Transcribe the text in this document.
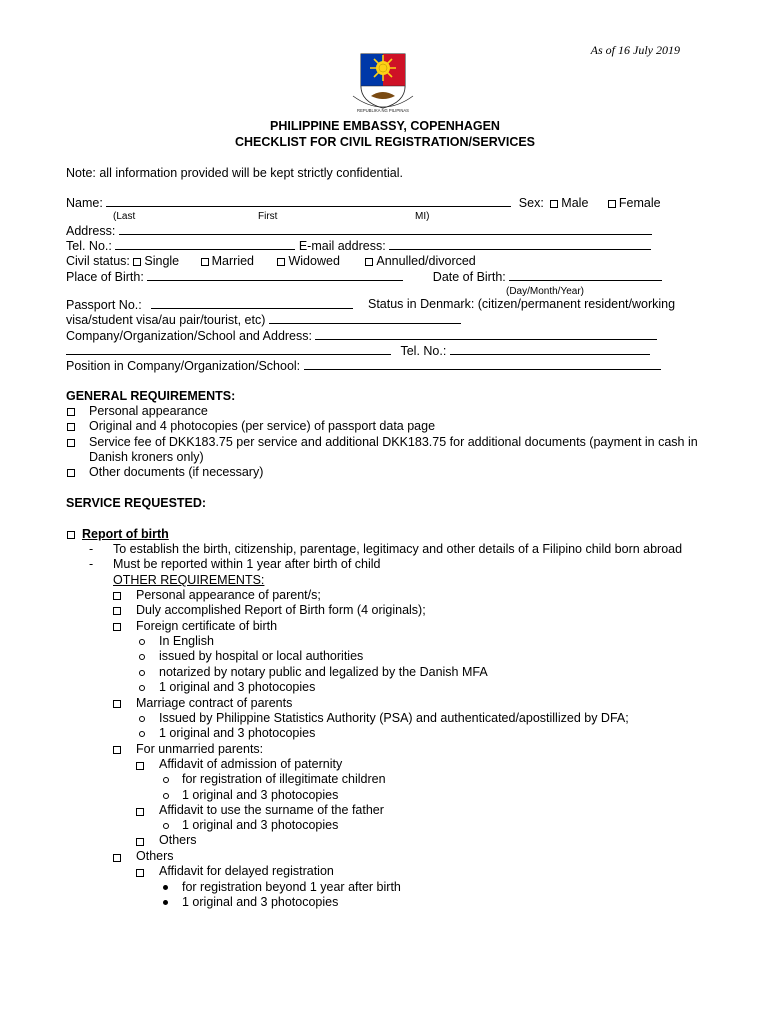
As of 16 July 2019
REPUBLIKA NG PILIPINAS
PHILIPPINE EMBASSY, COPENHAGEN
CHECKLIST FOR CIVIL REGISTRATION/SERVICES
Note: all information provided will be kept strictly confidential.
Name:	Sex: Male Female
(Last	First	MI)
Address:
Tel. No.:	E-mail address:
Civil status: Single	Married	Widowed	Annulled/divorced
Place of Birth:	Date of Birth:
(Day/Month/Year)
Passport No.:	Status in Denmark: (citizen/permanent resident/working
visa/student visa/au pair/tourist, etc)
Company/Organization/School and Address:
Tel. No.:
Position in Company/Organization/School:
GENERAL REQUIREMENTS:
Personal appearance
Original and 4 photocopies (per service) of passport data page
Service fee of DKK183.75 per service and additional DKK183.75 for additional documents (payment in cash in
Danish kroners only)
Other documents (if necessary)
SERVICE REQUESTED:
Report of birth
- To establish the birth, citizenship, parentage, legitimacy and other details of a Filipino child born abroad
- Must be reported within 1 year after birth of child
OTHER REQUIREMENTS:
Personal appearance of parent/s;
Duly accomplished Report of Birth form (4 originals);
Foreign certificate of birth
In English
issued by hospital or local authorities
notarized by notary public and legalized by the Danish MFA
1 original and 3 photocopies
Marriage contract of parents
Issued by Philippine Statistics Authority (PSA) and authenticated/apostillized by DFA;
1 original and 3 photocopies
For unmarried parents:
Affidavit of admission of paternity
for registration of illegitimate children
1 original and 3 photocopies
Affidavit to use the surname of the father
1 original and 3 photocopies
Others
Others
Affidavit for delayed registration
for registration beyond 1 year after birth
1 original and 3 photocopies
